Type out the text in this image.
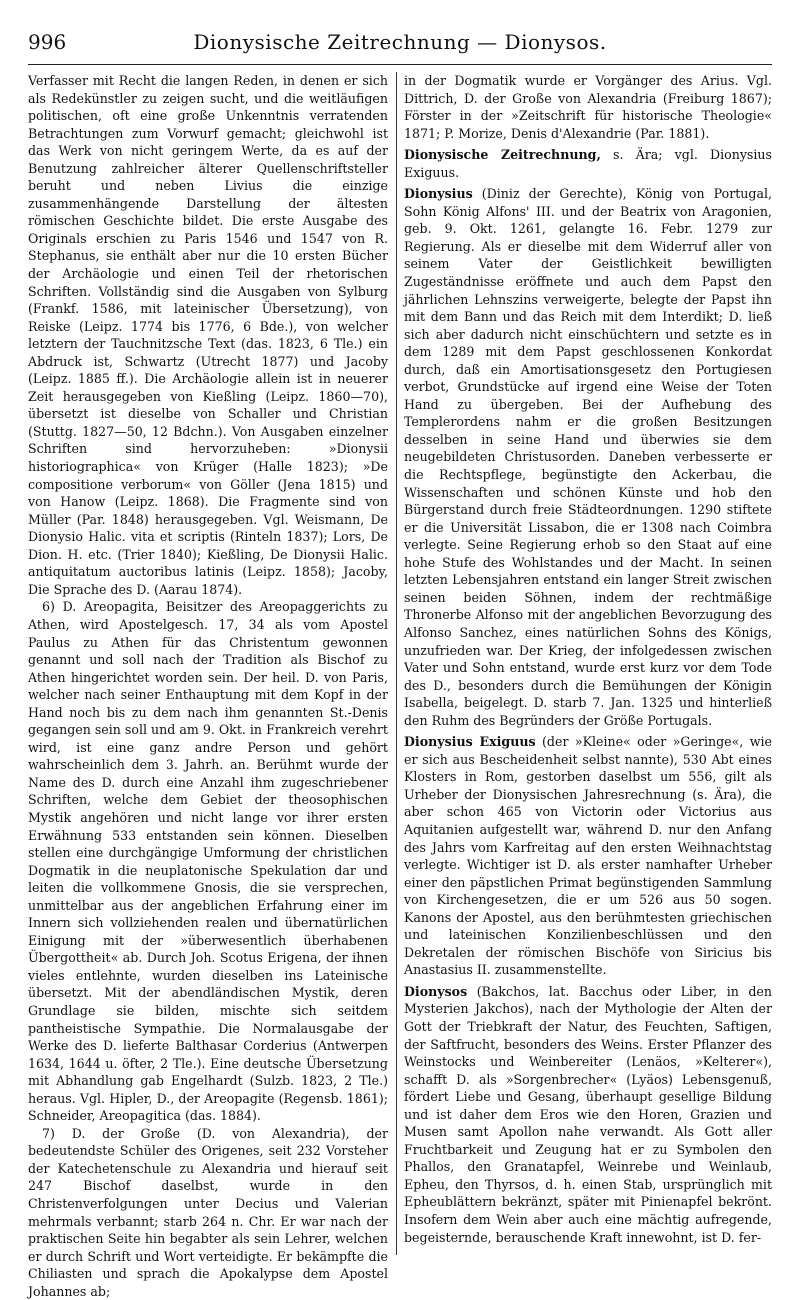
996	Dionysische Zeitrechnung — Dionysos.

Verfasser mit Recht die langen Reden, in denen er sich als Redekünstler zu zeigen sucht, und die weitläufigen politischen, oft eine große Unkenntnis verratenden Betrachtungen zum Vorwurf gemacht; gleichwohl ist das Werk von nicht geringem Werte, da es auf der Benutzung zahlreicher älterer Quellenschriftsteller beruht und neben Livius die einzige zusammenhängende Darstellung der ältesten römischen Geschichte bildet. Die erste Ausgabe des Originals erschien zu Paris 1546 und 1547 von R. Stephanus, sie enthält aber nur die 10 ersten Bücher der Archäologie und einen Teil der rhetorischen Schriften. Vollständig sind die Ausgaben von Sylburg (Frankf. 1586, mit lateinischer Übersetzung), von Reiske (Leipz. 1774 bis 1776, 6 Bde.), von welcher letztern der Tauchnitzsche Text (das. 1823, 6 Tle.) ein Abdruck ist, Schwartz (Utrecht 1877) und Jacoby (Leipz. 1885 ff.). Die Archäologie allein ist in neuerer Zeit herausgegeben von Kießling (Leipz. 1860—70), übersetzt ist dieselbe von Schaller und Christian (Stuttg. 1827—50, 12 Bdchn.). Von Ausgaben einzelner Schriften sind hervorzuheben: »Dionysii historiographica« von Krüger (Halle 1823); »De compositione verborum« von Göller (Jena 1815) und von Hanow (Leipz. 1868). Die Fragmente sind von Müller (Par. 1848) herausgegeben. Vgl. Weismann, De Dionysio Halic. vita et scriptis (Rinteln 1837); Lors, De Dion. H. etc. (Trier 1840); Kießling, De Dionysii Halic. antiquitatum auctoribus latinis (Leipz. 1858); Jacoby, Die Sprache des D. (Aarau 1874).

6) D. Areopagita, Beisitzer des Areopaggerichts zu Athen, wird Apostelgesch. 17, 34 als vom Apostel Paulus zu Athen für das Christentum gewonnen genannt und soll nach der Tradition als Bischof zu Athen hingerichtet worden sein. Der heil. D. von Paris, welcher nach seiner Enthauptung mit dem Kopf in der Hand noch bis zu dem nach ihm genannten St.-Denis gegangen sein soll und am 9. Okt. in Frankreich verehrt wird, ist eine ganz andre Person und gehört wahrscheinlich dem 3. Jahrh. an. Berühmt wurde der Name des D. durch eine Anzahl ihm zugeschriebener Schriften, welche dem Gebiet der theosophischen Mystik angehören und nicht lange vor ihrer ersten Erwähnung 533 entstanden sein können. Dieselben stellen eine durchgängige Umformung der christlichen Dogmatik in die neuplatonische Spekulation dar und leiten die vollkommene Gnosis, die sie versprechen, unmittelbar aus der angeblichen Erfahrung einer im Innern sich vollziehenden realen und übernatürlichen Einigung mit der »überwesentlich überhabenen Übergottheit« ab. Durch Joh. Scotus Erigena, der ihnen vieles entlehnte, wurden dieselben ins Lateinische übersetzt. Mit der abendländischen Mystik, deren Grundlage sie bilden, mischte sich seitdem pantheistische Sympathie. Die Normalausgabe der Werke des D. lieferte Balthasar Corderius (Antwerpen 1634, 1644 u. öfter, 2 Tle.). Eine deutsche Übersetzung mit Abhandlung gab Engelhardt (Sulzb. 1823, 2 Tle.) heraus. Vgl. Hipler, D., der Areopagite (Regensb. 1861); Schneider, Areopagitica (das. 1884).

7) D. der Große (D. von Alexandria), der bedeutendste Schüler des Origenes, seit 232 Vorsteher der Katechetenschule zu Alexandria und hierauf seit 247 Bischof daselbst, wurde in den Christenverfolgungen unter Decius und Valerian mehrmals verbannt; starb 264 n. Chr. Er war nach der praktischen Seite hin begabter als sein Lehrer, welchen er durch Schrift und Wort verteidigte. Er bekämpfte die Chiliasten und sprach die Apokalypse dem Apostel Johannes ab;

in der Dogmatik wurde er Vorgänger des Arius. Vgl. Dittrich, D. der Große von Alexandria (Freiburg 1867); Förster in der »Zeitschrift für historische Theologie« 1871; P. Morize, Denis d'Alexandrie (Par. 1881).

Dionysische Zeitrechnung, s. Ära; vgl. Dionysius Exiguus.

Dionysius (Diniz der Gerechte), König von Portugal, Sohn König Alfons' III. und der Beatrix von Aragonien, geb. 9. Okt. 1261, gelangte 16. Febr. 1279 zur Regierung. Als er dieselbe mit dem Widerruf aller von seinem Vater der Geistlichkeit bewilligten Zugeständnisse eröffnete und auch dem Papst den jährlichen Lehnszins verweigerte, belegte der Papst ihn mit dem Bann und das Reich mit dem Interdikt; D. ließ sich aber dadurch nicht einschüchtern und setzte es in dem 1289 mit dem Papst geschlossenen Konkordat durch, daß ein Amortisationsgesetz den Portugiesen verbot, Grundstücke auf irgend eine Weise der Toten Hand zu übergeben. Bei der Aufhebung des Templerordens nahm er die großen Besitzungen desselben in seine Hand und überwies sie dem neugebildeten Christusorden. Daneben verbesserte er die Rechtspflege, begünstigte den Ackerbau, die Wissenschaften und schönen Künste und hob den Bürgerstand durch freie Städteordnungen. 1290 stiftete er die Universität Lissabon, die er 1308 nach Coimbra verlegte. Seine Regierung erhob so den Staat auf eine hohe Stufe des Wohlstandes und der Macht. In seinen letzten Lebensjahren entstand ein langer Streit zwischen seinen beiden Söhnen, indem der rechtmäßige Thronerbe Alfonso mit der angeblichen Bevorzugung des Alfonso Sanchez, eines natürlichen Sohns des Königs, unzufrieden war. Der Krieg, der infolgedessen zwischen Vater und Sohn entstand, wurde erst kurz vor dem Tode des D., besonders durch die Bemühungen der Königin Isabella, beigelegt. D. starb 7. Jan. 1325 und hinterließ den Ruhm des Begründers der Größe Portugals.

Dionysius Exiguus (der »Kleine« oder »Geringe«, wie er sich aus Bescheidenheit selbst nannte), 530 Abt eines Klosters in Rom, gestorben daselbst um 556, gilt als Urheber der Dionysischen Jahresrechnung (s. Ära), die aber schon 465 von Victorin oder Victorius aus Aquitanien aufgestellt war, während D. nur den Anfang des Jahrs vom Karfreitag auf den ersten Weihnachtstag verlegte. Wichtiger ist D. als erster namhafter Urheber einer den päpstlichen Primat begünstigenden Sammlung von Kirchengesetzen, die er um 526 aus 50 sogen. Kanons der Apostel, aus den berühmtesten griechischen und lateinischen Konzilienbeschlüssen und den Dekretalen der römischen Bischöfe von Siricius bis Anastasius II. zusammenstellte.

Dionysos (Bakchos, lat. Bacchus oder Liber, in den Mysterien Jakchos), nach der Mythologie der Alten der Gott der Triebkraft der Natur, des Feuchten, Saftigen, der Saftfrucht, besonders des Weins. Erster Pflanzer des Weinstocks und Weinbereiter (Lenäos, »Kelterer«), schafft D. als »Sorgenbrecher« (Lyäos) Lebensgenuß, fördert Liebe und Gesang, überhaupt gesellige Bildung und ist daher dem Eros wie den Horen, Grazien und Musen samt Apollon nahe verwandt. Als Gott aller Fruchtbarkeit und Zeugung hat er zu Symbolen den Phallos, den Granatapfel, Weinrebe und Weinlaub, Epheu, den Thyrsos, d. h. einen Stab, ursprünglich mit Epheublättern bekränzt, später mit Pinienapfel bekrönt. Insofern dem Wein aber auch eine mächtig aufregende, begeisternde, berauschende Kraft innewohnt, ist D. fer-
